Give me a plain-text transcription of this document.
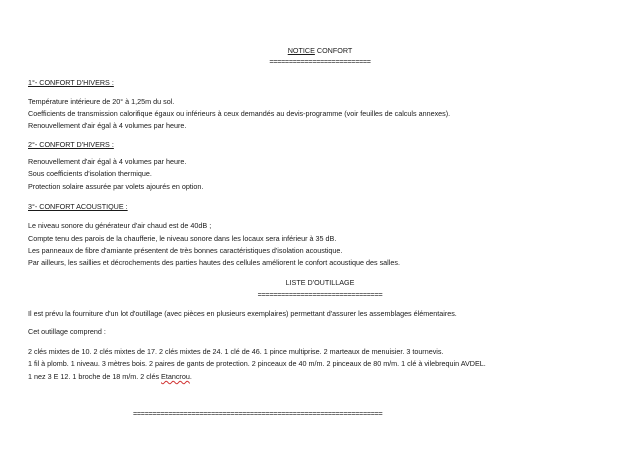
NOTICE CONFORT
==========================
1°- CONFORT D'HIVERS :
Température intérieure de 20° à 1,25m du sol.
Coefficients de transmission calorifique égaux ou inférieurs à ceux demandés au devis-programme (voir feuilles de calculs annexes).
Renouvellement d'air égal à 4 volumes par heure.
2°- CONFORT D'HIVERS :
Renouvellement d'air égal à 4 volumes par heure.
Sous coefficients d'isolation thermique.
Protection solaire assurée par volets ajourés en option.
3°- CONFORT ACOUSTIQUE :
Le niveau sonore du générateur d'air chaud est de 40dB ;
Compte tenu des parois de la chaufferie, le niveau sonore dans les locaux sera inférieur à 35 dB.
Les panneaux de fibre d'amiante présentent de très bonnes caractéristiques d'isolation acoustique.
Par ailleurs, les saillies et décrochements des parties hautes des cellules améliorent le confort acoustique des salles.
LISTE D'OUTILLAGE
================================
Il est prévu la fourniture d'un lot d'outillage (avec pièces en plusieurs exemplaires) permettant d'assurer les assemblages élémentaires.
Cet outillage comprend :
2 clés mixtes de 10. 2 clés mixtes de 17. 2 clés mixtes de 24. 1 clé de 46. 1 pince multiprise. 2 marteaux de menuisier. 3 tournevis.
1 fil à plomb. 1 niveau. 3 mètres bois. 2 paires de gants de protection. 2 pinceaux de 40 m/m. 2 pinceaux de 80 m/m. 1 clé à vilebrequin AVDEL.
1 nez 3 E 12. 1 broche de 18 m/m. 2 clés Etancrou.
================================================================
